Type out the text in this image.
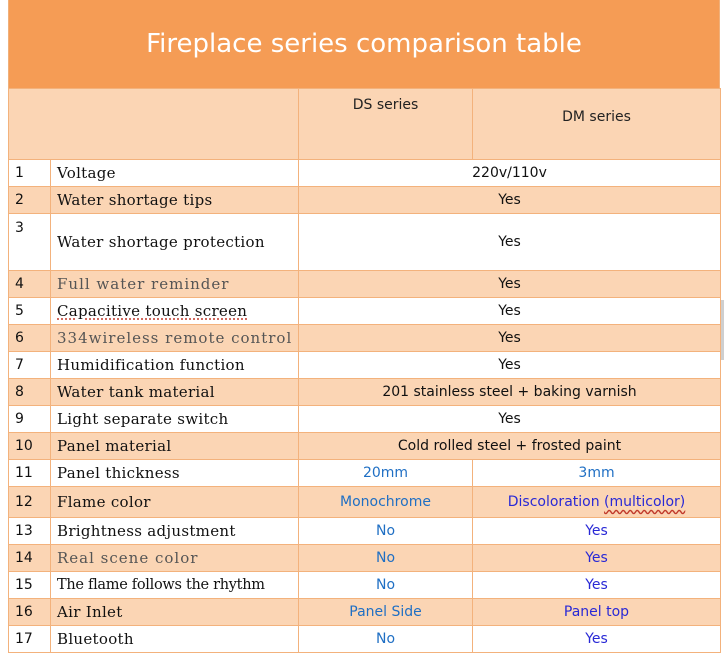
Fireplace series comparison table
		DS series	DM series
1	Voltage	220v/110v	
2	Water shortage tips	Yes	
3	Water shortage protection	Yes	
4	Full water reminder	Yes	
5	Capacitive touch screen	Yes	
6	334wireless remote control	Yes	
7	Humidification function	Yes	
8	Water tank material	201 stainless steel + baking varnish	
9	Light separate switch	Yes	
10	Panel material	Cold rolled steel + frosted paint	
11	Panel thickness	20mm	3mm
12	Flame color	Monochrome	Discoloration (multicolor)
13	Brightness adjustment	No	Yes
14	Real scene color	No	Yes
15	The flame follows the rhythm	No	Yes
16	Air Inlet	Panel Side	Panel top
17	Bluetooth	No	Yes
